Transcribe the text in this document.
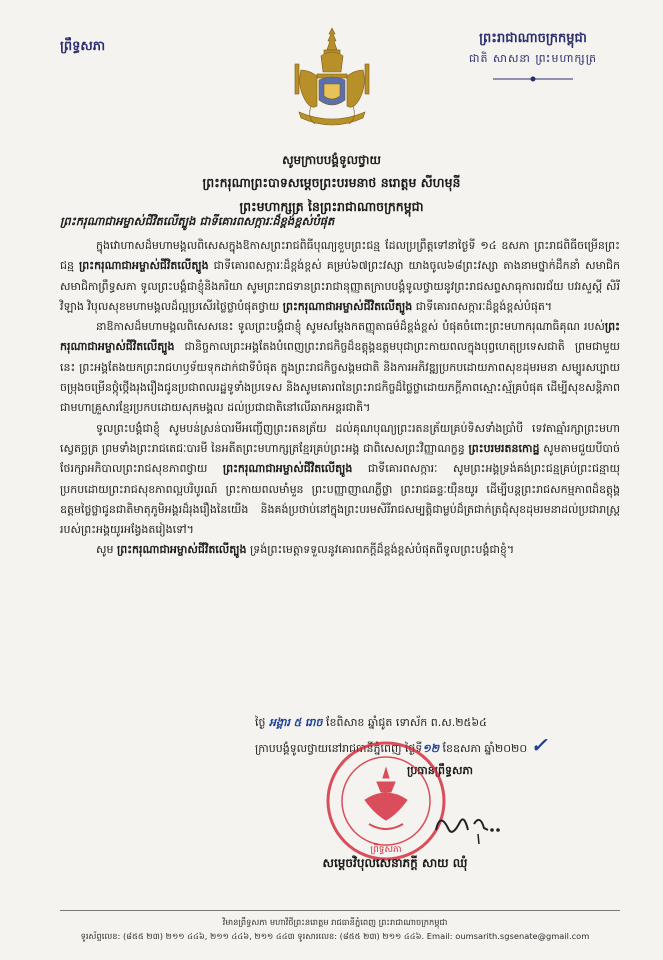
ព្រឹទ្ធសភា
ព្រះរាជាណាចក្រកម្ពុជា
ជាតិ សាសនា ព្រះមហាក្សត្រ
សូមក្រាបបង្គំទូលថ្វាយ
ព្រះករុណាព្រះបាទសម្តេចព្រះបរមនាថ នរោត្តម សីហមុនី
ព្រះមហាក្សត្រ នៃព្រះរាជាណាចក្រកម្ពុជា
ព្រះករុណាជាអម្ចាស់ជីវិតលើត្បូង ជាទីគោរពសក្ការៈដ៏ខ្ពង់ខ្ពស់បំផុត

ក្នុងវោហាសដ៏មហាមង្គលពិសេសក្នុងឱកាសព្រះរាជពិធីបុណ្យខួបព្រះជន្ម ដែលប្រព្រឹត្តទៅនាថ្ងៃទី ១៤ ឧសភា ព្រះរាជពិធីចម្រើនព្រះជន្ម ព្រះករុណាជាអម្ចាស់ជីវិតលើត្បូង ជាទីគោរពសក្ការៈដ៏ខ្ពង់ខ្ពស់ គម្រប់៦៧ព្រះវស្សា យាងចូល៦៨ព្រះវស្សា តាងនាមថ្នាក់ដឹកនាំ សមាជិក សមាជិកាព្រឹទ្ធសភា ទូលព្រះបង្គំជាខ្ញុំនិងភរិយា សូមព្រះរាជទានព្រះរាជានុញ្ញាតក្រាបបង្គំទូលថ្វាយនូវព្រះរាជសព្ទសាធុការពរជ័យ បវរសួស្តី សិរីវិឡាង វិបុលសុខមហាមង្គលដ៏ល្អប្រសើរថ្លៃថ្លាបំផុតថ្វាយ ព្រះករុណាជាអម្ចាស់ជីវិតលើត្បូង ជាទីគោរពសក្ការៈដ៏ខ្ពង់ខ្ពស់បំផុត។

នាឱកាសដ៏មហាមង្គលពិសេសនេះ ទូលព្រះបង្គំជាខ្ញុំ សូមសម្តែងកតញ្ញុតាធម៌ដ៏ខ្ពង់ខ្ពស់ បំផុតចំពោះព្រះមហាករុណាធិគុណ របស់ព្រះករុណាជាអម្ចាស់ជីវិតលើត្បូង ជានិច្ចកាលព្រះអង្គតែងបំពេញព្រះរាជកិច្ចដ៏ឧត្តុង្គឧត្តមបុជាព្រះកាយពលក្នុងបុព្វហេតុប្រទេសជាតិ ព្រមជាមួយនេះ ព្រះអង្គតែងយកព្រះរាជហឫទ័យទុកដាក់ជាទីបំផុត ក្នុងព្រះរាជកិច្ចសង្គមជាតិ និងការអភិវឌ្ឍប្រកបដោយភាពសុខដុមរមនា សម្បូរសប្បាយ ចម្រុងចម្រើនថ្កុំថ្កើងរុងរឿងជូនប្រជាពលរដ្ឋទូទាំងប្រទេស និងសូមគោរពនៃព្រះរាជកិច្ចដ៏ថ្លៃថ្លាដោយភក្តីភាពស្មោះស្ម័គ្របំផុត ដើម្បីសុខសន្តិភាពជាមហាគ្រួសារខ្មែរប្រកបដោយសុភមង្គល ដល់ប្រជាជាតិនៅលើឆាកអន្តរជាតិ។

ទូលព្រះបង្គំជាខ្ញុំ សូមបន់ស្រន់បារមីអញ្ជើញព្រះរតនត្រ័យ ដល់គុណបុណ្យព្រះរតនត្រ័យគ្រប់ទិសទាំងប្រាំបី ទេវតាឆ្មាំរក្សាព្រះមហាស្វេតច្ឆត្រ ព្រមទាំងព្រះរាជតេជៈបារមី នៃអតីតព្រះមហាក្សត្រខ្មែរគ្រប់ព្រះអង្គ ជាពិសេសព្រះវិញ្ញាណក្ខន្ធ ព្រះបរមរតនកោដ្ឋ សូមតាមជួយបីបាច់ថែរក្សាអភិបាលព្រះរាជសុខភាពថ្វាយ ព្រះករុណាជាអម្ចាស់ជីវិតលើត្បូង ជាទីគោរពសក្ការៈ សូមព្រះអង្គទ្រង់គង់ព្រះជន្មគ្រប់ព្រះជន្មាយុ ប្រកបដោយព្រះរាជសុខភាពល្អបរិបូរណ៍ ព្រះកាយពលមាំមួន ព្រះបញ្ញាញាណភ្លឺថ្លា ព្រះរាជឆន្ទៈយ៉ឺនយូរ ដើម្បីបន្តព្រះរាជសកម្មភាពដ៏ឧត្តុង្គឧត្តមថ្លៃថ្លាជូនជាតិមាតុភូមិអង្គរដ៏រុងរឿងនៃយើង និងគង់ប្រថាប់នៅក្នុងព្រះបរមសិរីរាជសម្បត្តិជាម្លប់ដ៏ត្រជាក់ត្រជុំសុខដុមរមនាដល់ប្រជារាស្ត្ររបស់ព្រះអង្គយូរអង្វែងតរៀងទៅ។

សូម ព្រះករុណាជាអម្ចាស់ជីវិតលើត្បូង ទ្រង់ព្រះមេត្តាទទួលនូវគោរពភក្តីដ៏ខ្ពង់ខ្ពស់បំផុតពីទូលព្រះបង្គំជាខ្ញុំ។

ថ្ងៃ អង្គារ ៥ រោច ខែពិសាខ ឆ្នាំជូត ទោស័ក ព.ស.២៥៦៤
ក្រាបបង្គំទូលថ្វាយនៅរាជធានីភ្នំពេញ ថ្ងៃទី១២ ខែឧសភា ឆ្នាំ២០២០ ✓
ប្រធានព្រឹទ្ធសភា
ព្រឹទ្ធសភា
សម្តេចវិបុលសេនាភក្តី សាយ ឈុំ
វិមានព្រឹទ្ធសភា មហាវិថីព្រះនរោត្តម រាជធានីភ្នំពេញ ព្រះរាជាណាចក្រកម្ពុជា
ទូរស័ព្ទលេខ: (៨៥៥ ២៣) ២១១ ៤៤៦, ២១១ ៤៤៦, ២១១ ៤៤៣ ទូរសារលេខ: (៨៥៥ ២៣) ២១១ ៤៤៦. Email: oumsarith.sgsenate@gmail.com
